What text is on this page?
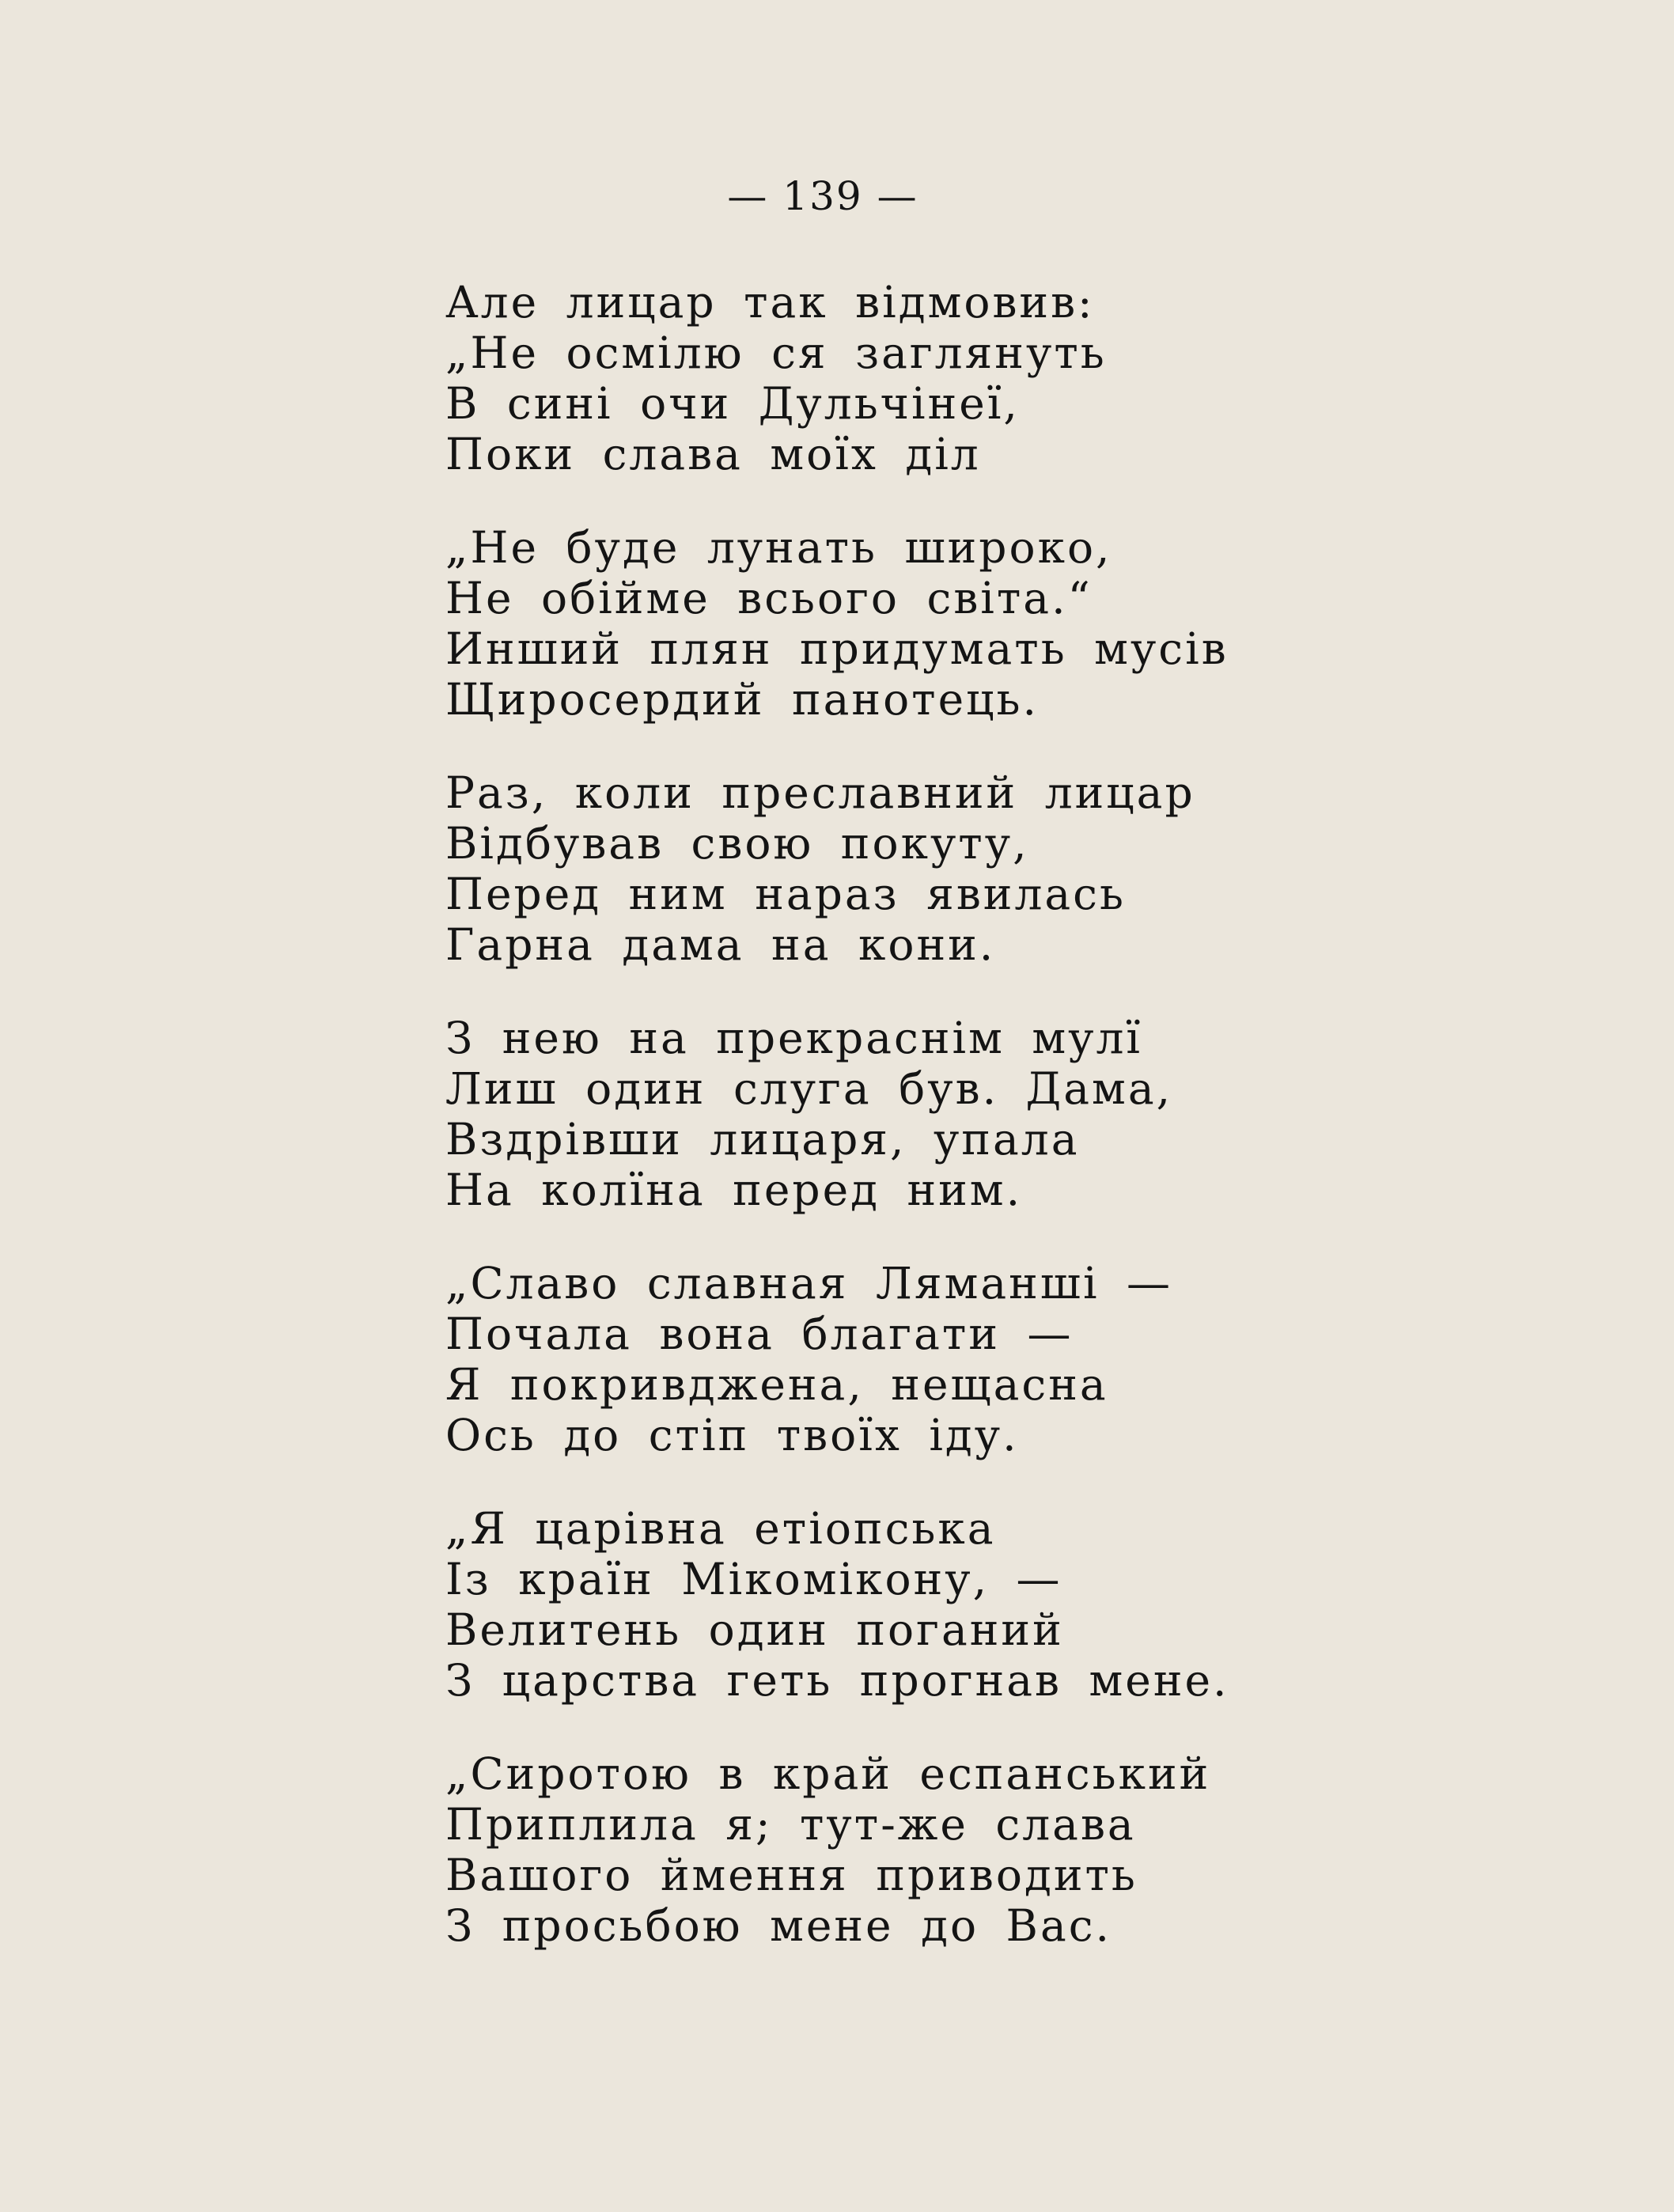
— 139 —
Але лицар так відмовив:
„Не осмілю ся заглянуть
В сині очи Дульчінеї,
Поки слава моїх діл
„Не буде лунать широко,
Не обійме всього світа.“
Инший плян придумать мусів
Щиросердий панотець.
Раз, коли преславний лицар
Відбував свою покуту,
Перед ним нараз явилась
Гарна дама на кони.
З нею на прекраснім мулї
Лиш один слуга був. Дама,
Вздрівши лицаря, упала
На колїна перед ним.
„Славо славная Ляманші —
Почала вона благати —
Я покривджена, нещасна
Ось до стіп твоїх іду.
„Я царівна етіопська
Із країн Мікомікону, —
Велитень один поганий
З царства геть прогнав мене.
„Сиротою в край еспанський
Приплила я; тут-же слава
Вашого ймення приводить
З просьбою мене до Вас.
